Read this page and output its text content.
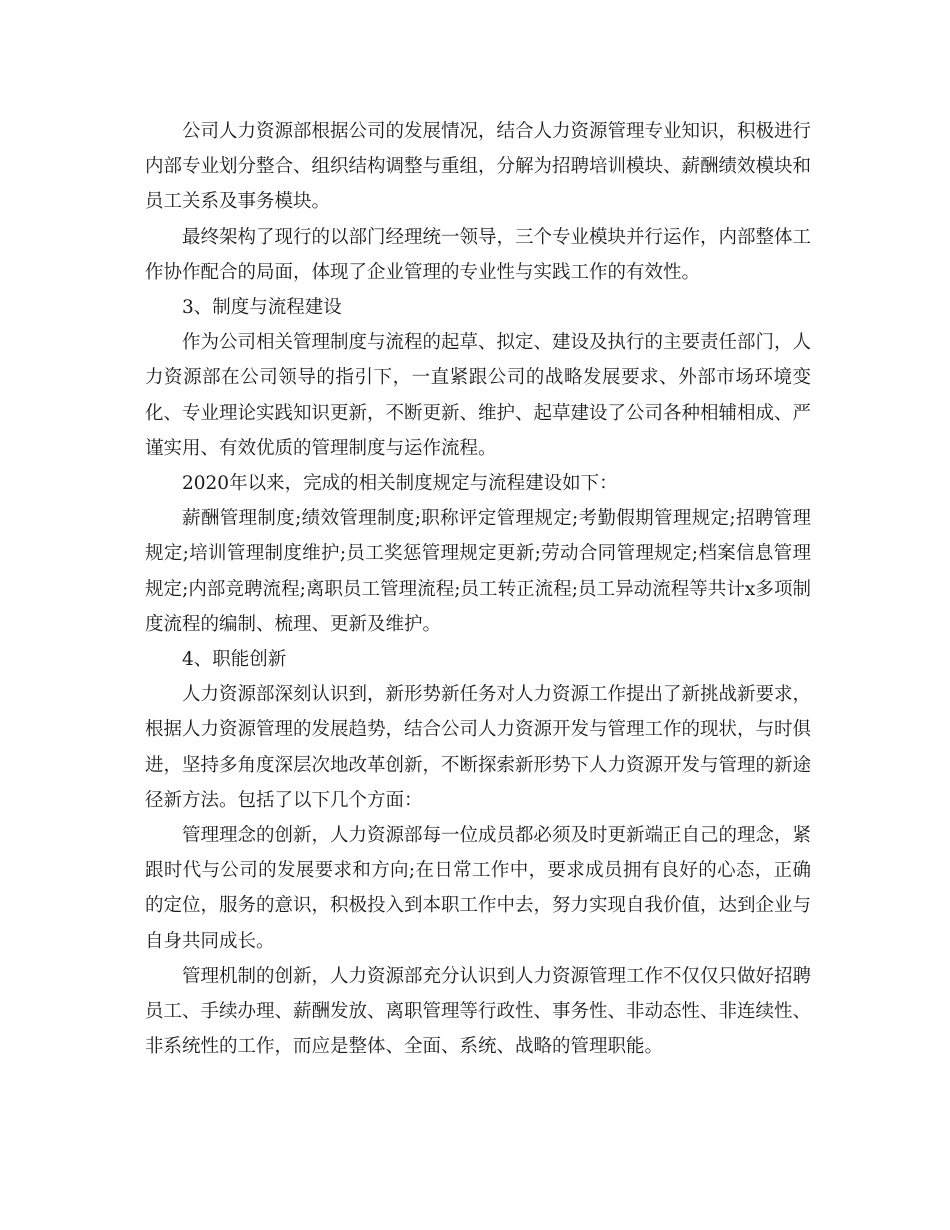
公司人力资源部根据公司的发展情况，结合人力资源管理专业知识，积极进行内部专业划分整合、组织结构调整与重组，分解为招聘培训模块、薪酬绩效模块和员工关系及事务模块。

最终架构了现行的以部门经理统一领导，三个专业模块并行运作，内部整体工作协作配合的局面，体现了企业管理的专业性与实践工作的有效性。

3、制度与流程建设

作为公司相关管理制度与流程的起草、拟定、建设及执行的主要责任部门，人力资源部在公司领导的指引下，一直紧跟公司的战略发展要求、外部市场环境变化、专业理论实践知识更新，不断更新、维护、起草建设了公司各种相辅相成、严谨实用、有效优质的管理制度与运作流程。

2020年以来，完成的相关制度规定与流程建设如下：

薪酬管理制度;绩效管理制度;职称评定管理规定;考勤假期管理规定;招聘管理规定;培训管理制度维护;员工奖惩管理规定更新;劳动合同管理规定;档案信息管理规定;内部竞聘流程;离职员工管理流程;员工转正流程;员工异动流程等共计x多项制度流程的编制、梳理、更新及维护。

4、职能创新

人力资源部深刻认识到，新形势新任务对人力资源工作提出了新挑战新要求，根据人力资源管理的发展趋势，结合公司人力资源开发与管理工作的现状，与时俱进，坚持多角度深层次地改革创新，不断探索新形势下人力资源开发与管理的新途径新方法。包括了以下几个方面：

管理理念的创新，人力资源部每一位成员都必须及时更新端正自己的理念，紧跟时代与公司的发展要求和方向;在日常工作中，要求成员拥有良好的心态，正确的定位，服务的意识，积极投入到本职工作中去，努力实现自我价值，达到企业与自身共同成长。

管理机制的创新，人力资源部充分认识到人力资源管理工作不仅仅只做好招聘员工、手续办理、薪酬发放、离职管理等行政性、事务性、非动态性、非连续性、非系统性的工作，而应是整体、全面、系统、战略的管理职能。
